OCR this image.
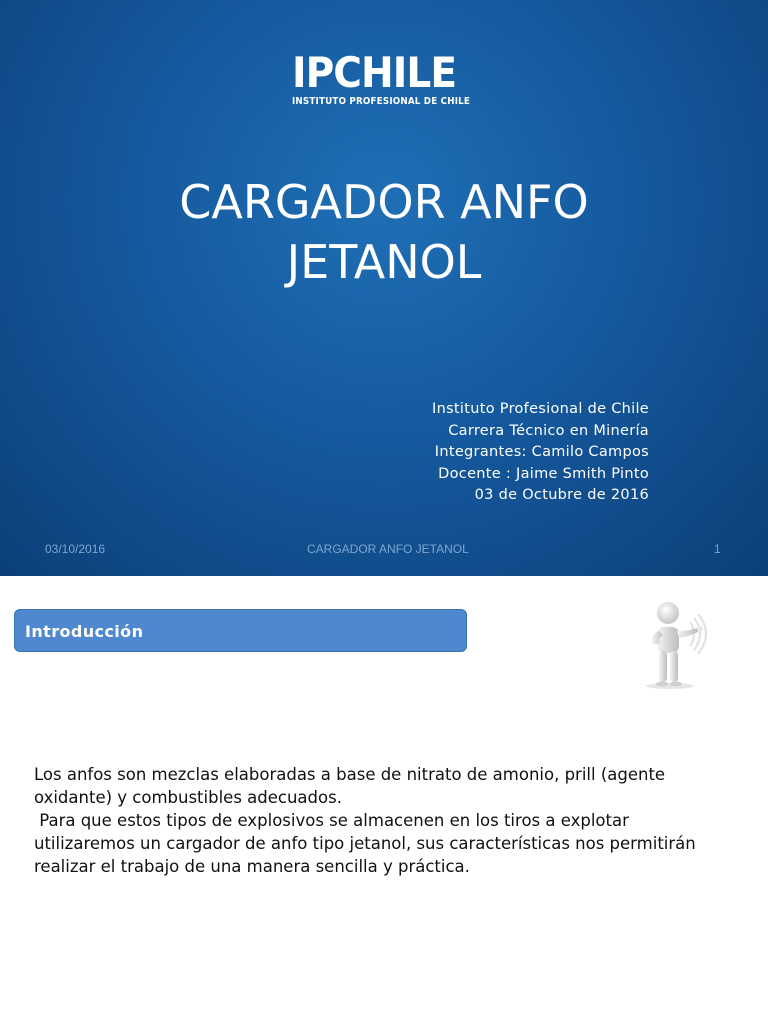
IPCHILE
INSTITUTO PROFESIONAL DE CHILE
CARGADOR ANFO
JETANOL
Instituto Profesional de Chile
Carrera Técnico en Minería
Integrantes: Camilo Campos
Docente : Jaime Smith Pinto
03 de Octubre de 2016
03/10/2016	CARGADOR ANFO JETANOL	1
Introducción

Los anfos son mezclas elaboradas a base de nitrato de amonio, prill (agente oxidante) y combustibles adecuados.

Para que estos tipos de explosivos se almacenen en los tiros a explotar utilizaremos un cargador de anfo tipo jetanol, sus características nos permitirán realizar el trabajo de una manera sencilla y práctica.
